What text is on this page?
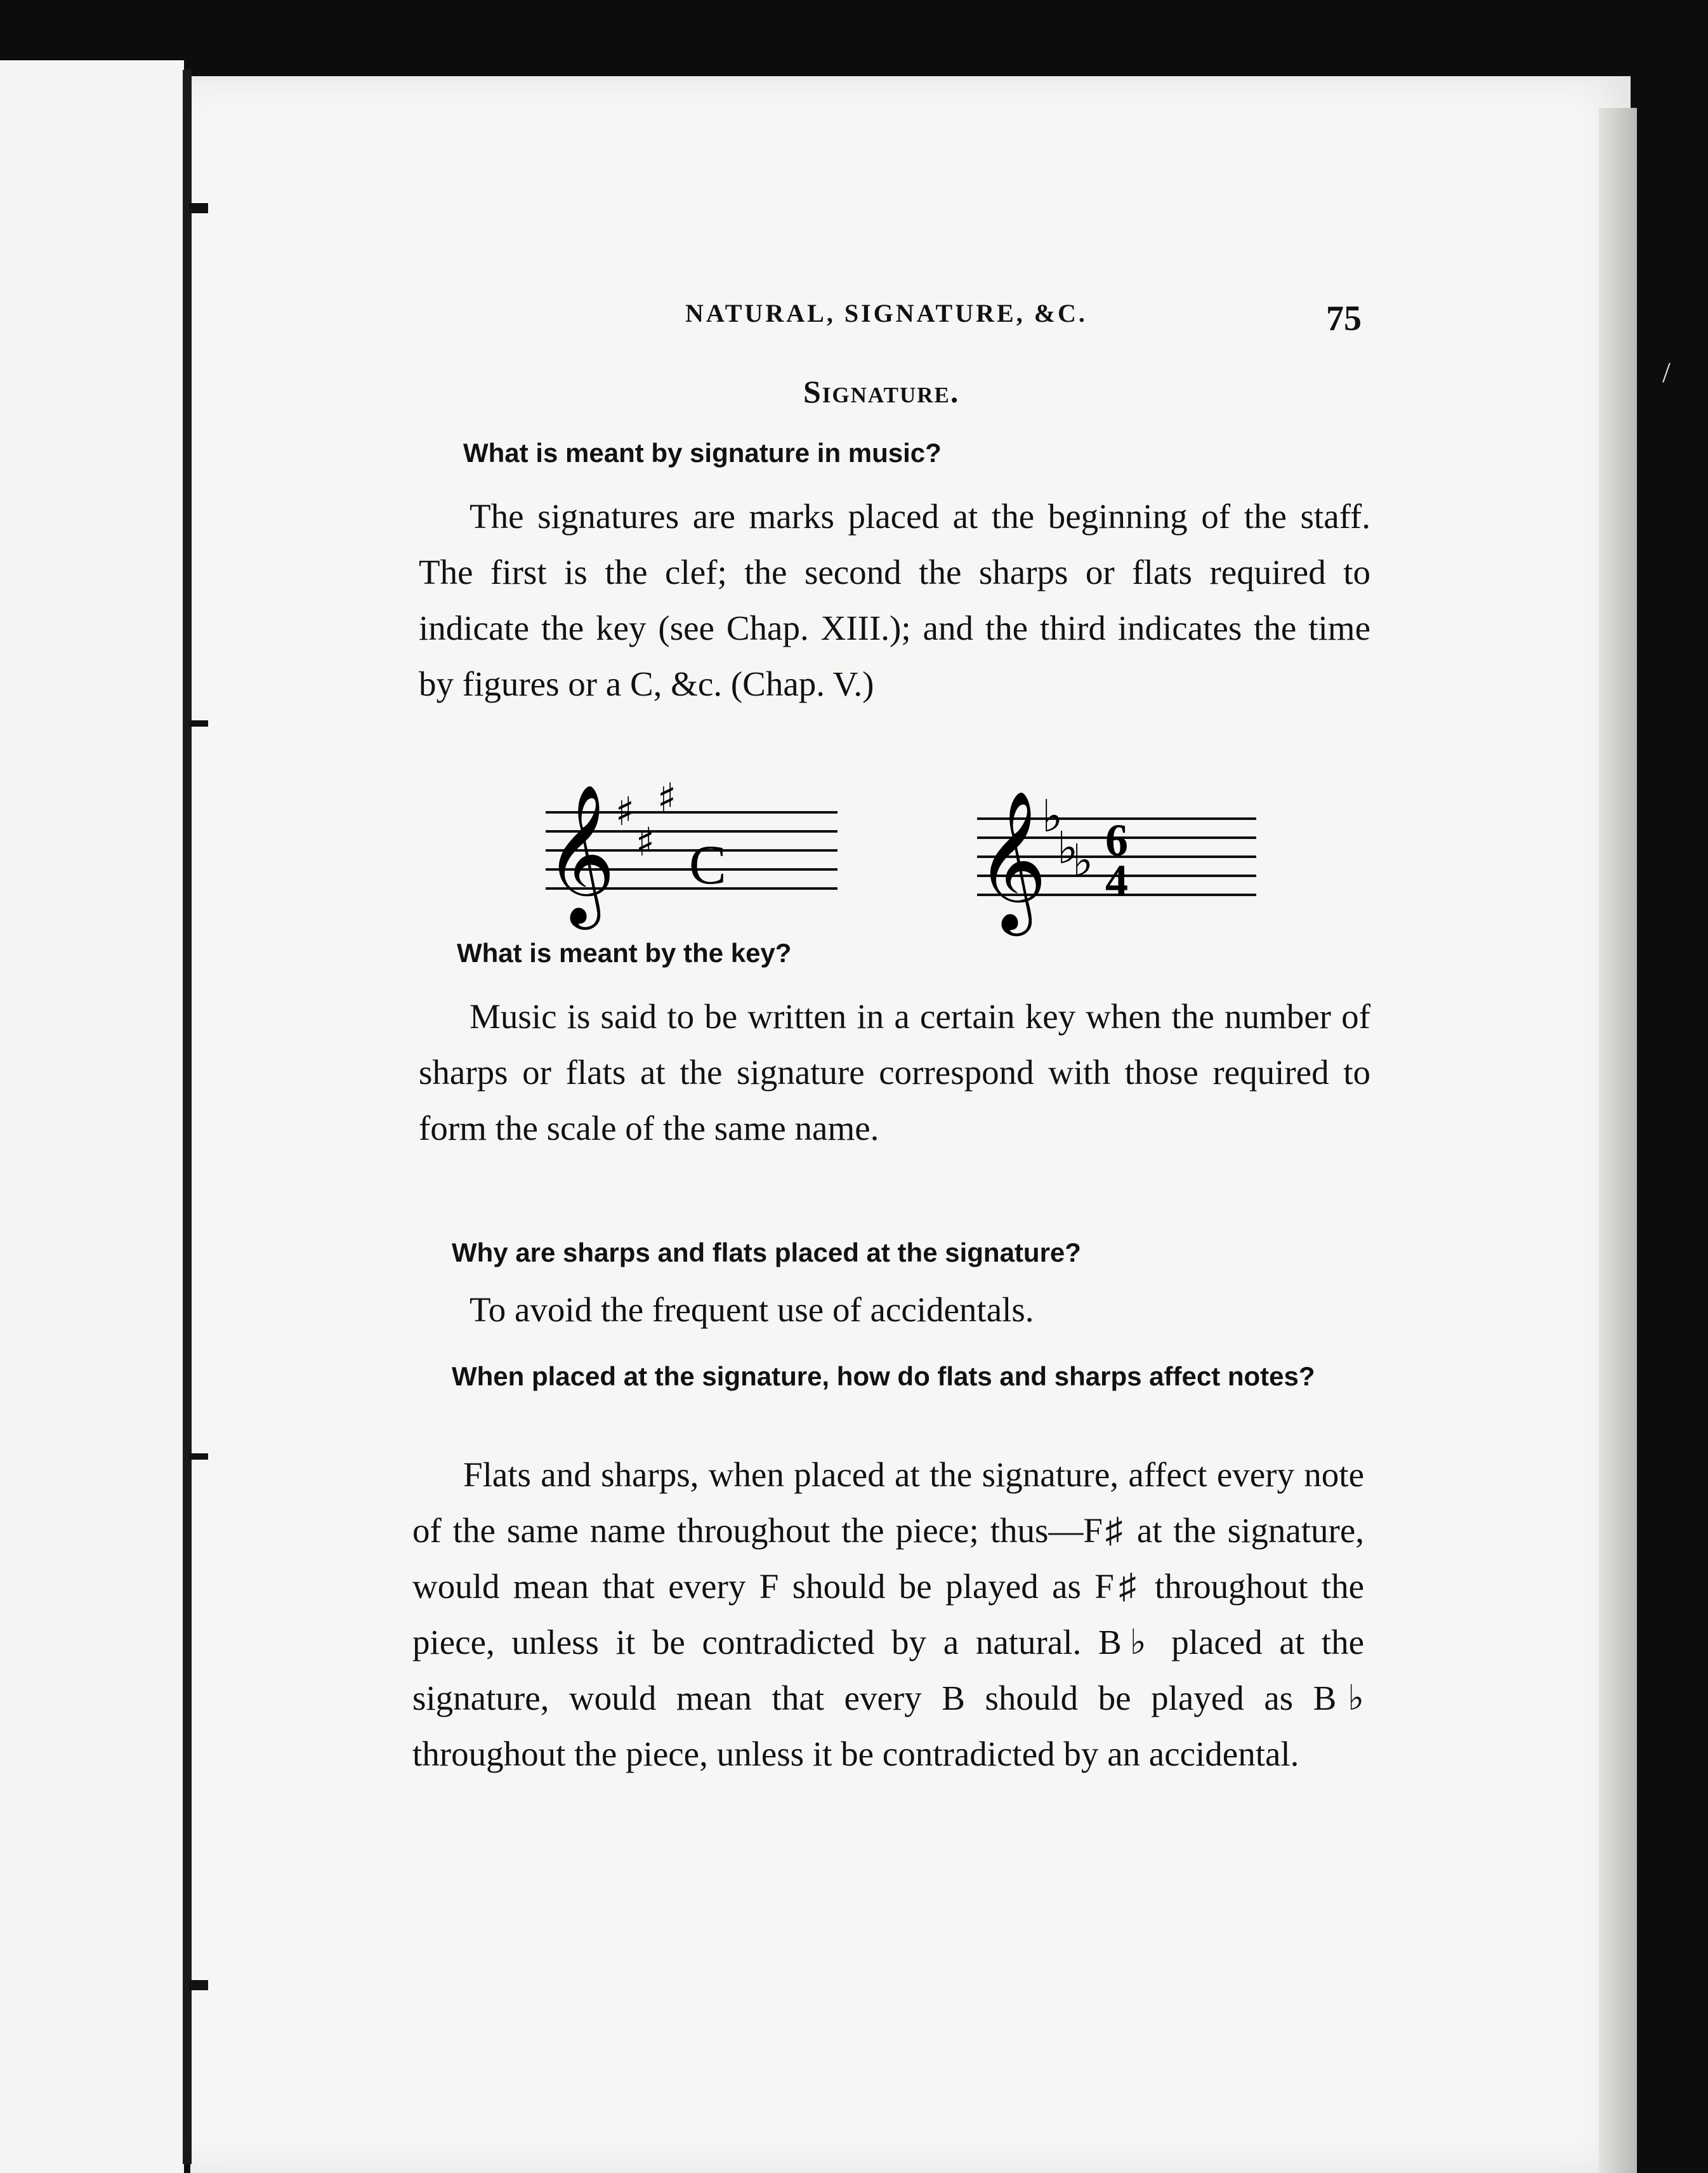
/
NATURAL, SIGNATURE, &C.	75
Signature.
What is meant by signature in music?
The signatures are marks placed at the beginning of the staff. The first is the clef; the second the sharps or flats required to indicate the key (see Chap. XIII.); and the third indicates the time by figures or a C, &c. (Chap. V.)
𝄞 ♯
♯
♯
C 𝄞
♭
♭
♭ 6
4
What is meant by the key?
Music is said to be written in a certain key when the number of sharps or flats at the signature correspond with those required to form the scale of the same name.
Why are sharps and flats placed at the signature?
To avoid the frequent use of accidentals.
When placed at the signature, how do flats and sharps affect notes?
Flats and sharps, when placed at the signature, affect every note of the same name throughout the piece; thus—F♯ at the signature, would mean that every F should be played as F♯ throughout the piece, unless it be contradicted by a natural. B♭ placed at the signature, would mean that every B should be played as B♭ throughout the piece, unless it be contradicted by an accidental.
